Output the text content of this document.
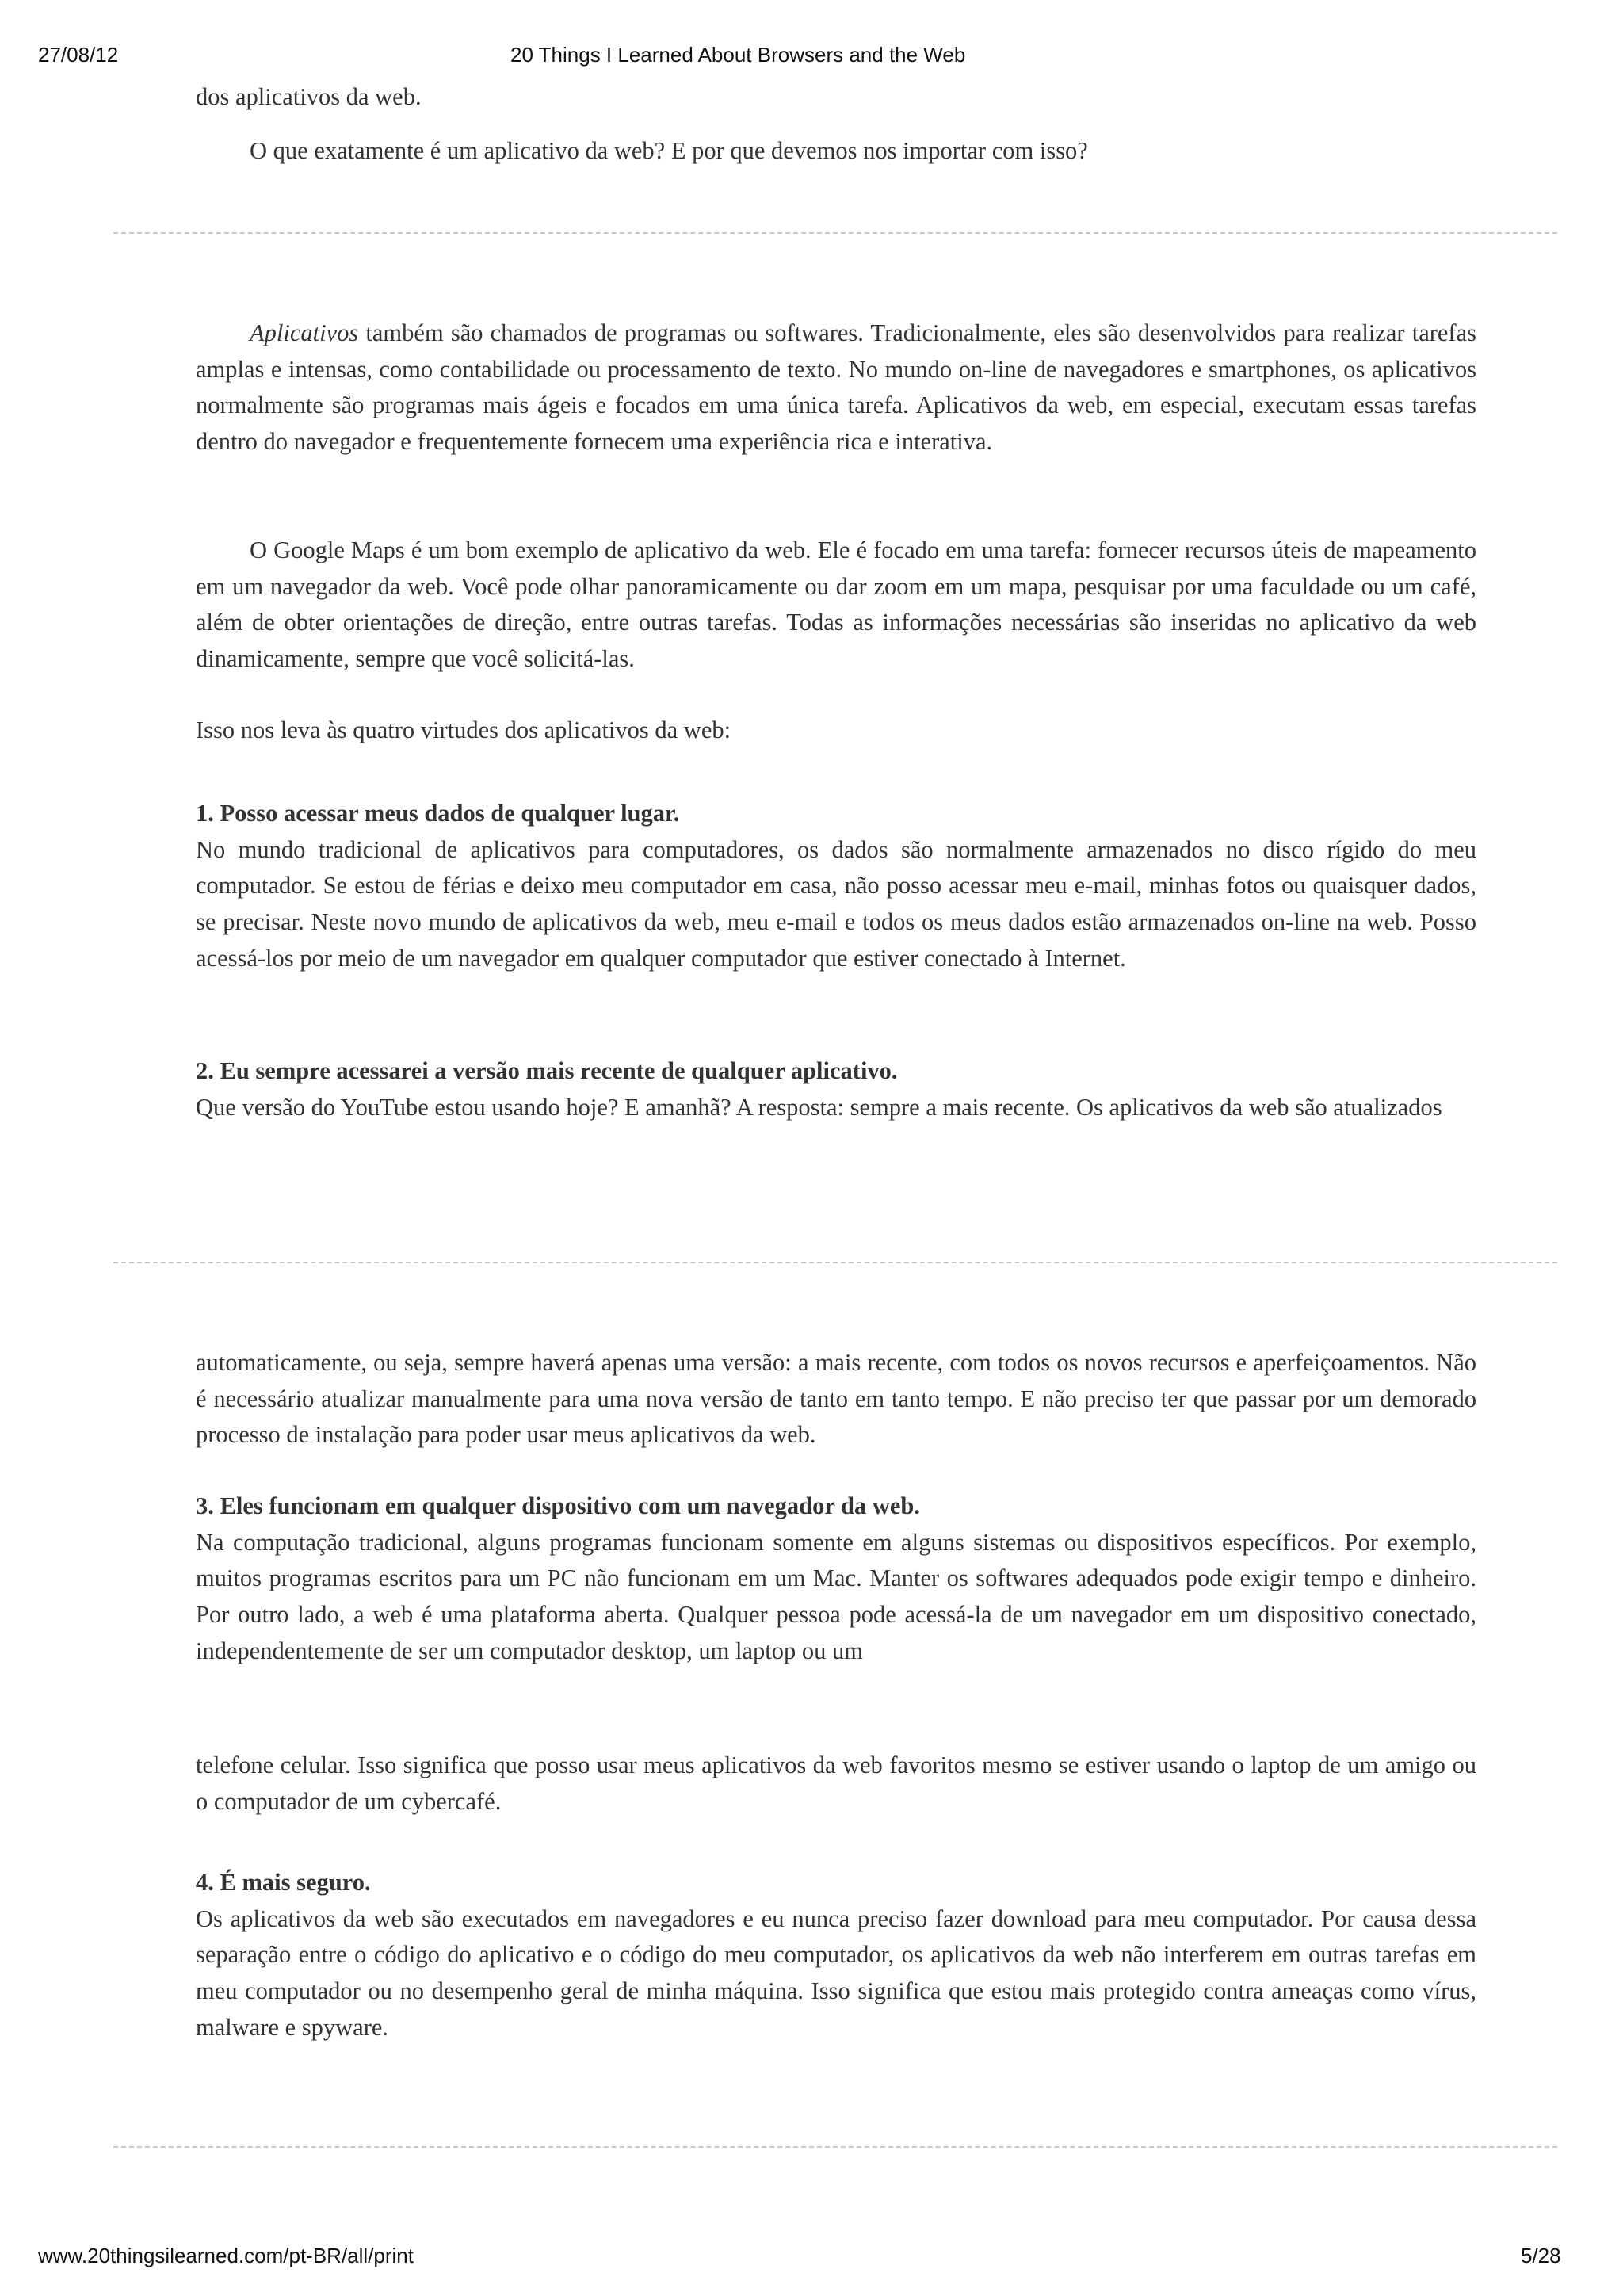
27/08/12	20 Things I Learned About Browsers and the Web

dos aplicativos da web.

O que exatamente é um aplicativo da web? E por que devemos nos importar com isso?

Aplicativos também são chamados de programas ou softwares. Tradicionalmente, eles são desenvolvidos para realizar tarefas amplas e intensas, como contabilidade ou processamento de texto. No mundo on-line de navegadores e smartphones, os aplicativos normalmente são programas mais ágeis e focados em uma única tarefa. Aplicativos da web, em especial, executam essas tarefas dentro do navegador e frequentemente fornecem uma experiência rica e interativa.

O Google Maps é um bom exemplo de aplicativo da web. Ele é focado em uma tarefa: fornecer recursos úteis de mapeamento em um navegador da web. Você pode olhar panoramicamente ou dar zoom em um mapa, pesquisar por uma faculdade ou um café, além de obter orientações de direção, entre outras tarefas. Todas as informações necessárias são inseridas no aplicativo da web dinamicamente, sempre que você solicitá-las.

Isso nos leva às quatro virtudes dos aplicativos da web:

1. Posso acessar meus dados de qualquer lugar.
No mundo tradicional de aplicativos para computadores, os dados são normalmente armazenados no disco rígido do meu computador. Se estou de férias e deixo meu computador em casa, não posso acessar meu e-mail, minhas fotos ou quaisquer dados, se precisar. Neste novo mundo de aplicativos da web, meu e-mail e todos os meus dados estão armazenados on-line na web. Posso acessá-los por meio de um navegador em qualquer computador que estiver conectado à Internet.

2. Eu sempre acessarei a versão mais recente de qualquer aplicativo.
Que versão do YouTube estou usando hoje? E amanhã? A resposta: sempre a mais recente. Os aplicativos da web são atualizados

automaticamente, ou seja, sempre haverá apenas uma versão: a mais recente, com todos os novos recursos e aperfeiçoamentos. Não é necessário atualizar manualmente para uma nova versão de tanto em tanto tempo. E não preciso ter que passar por um demorado processo de instalação para poder usar meus aplicativos da web.

3. Eles funcionam em qualquer dispositivo com um navegador da web.
Na computação tradicional, alguns programas funcionam somente em alguns sistemas ou dispositivos específicos. Por exemplo, muitos programas escritos para um PC não funcionam em um Mac. Manter os softwares adequados pode exigir tempo e dinheiro. Por outro lado, a web é uma plataforma aberta. Qualquer pessoa pode acessá-la de um navegador em um dispositivo conectado, independentemente de ser um computador desktop, um laptop ou um

telefone celular. Isso significa que posso usar meus aplicativos da web favoritos mesmo se estiver usando o laptop de um amigo ou o computador de um cybercafé.

4. É mais seguro.
Os aplicativos da web são executados em navegadores e eu nunca preciso fazer download para meu computador. Por causa dessa separação entre o código do aplicativo e o código do meu computador, os aplicativos da web não interferem em outras tarefas em meu computador ou no desempenho geral de minha máquina. Isso significa que estou mais protegido contra ameaças como vírus, malware e spyware.

www.20thingsilearned.com/pt-BR/all/print	5/28
